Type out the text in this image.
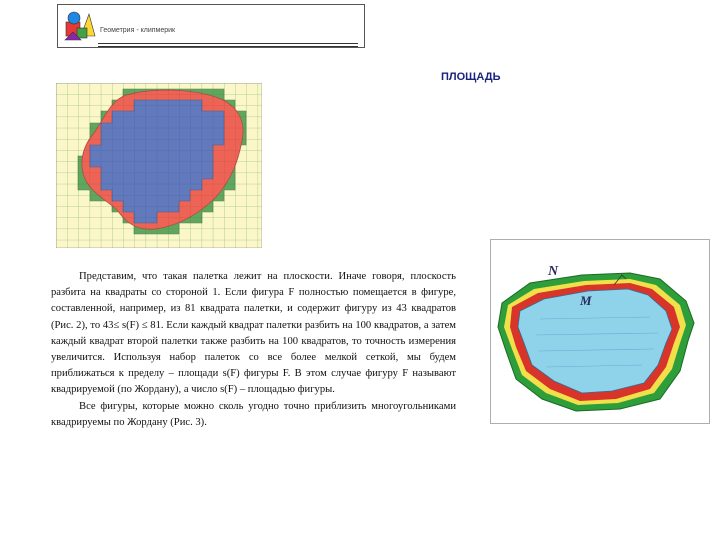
Геометрия - клипмерик
ПЛОЩАДЬ
N
M

Представим, что такая палетка лежит на плоскости. Иначе говоря, плоскость разбита на квадраты со стороной 1. Если фигура F полностью помещается в фигуре, составленной, например, из 81 квадрата палетки, и содержит фигуру из 43 квадратов (Рис. 2), то 43≤ s(F) ≤ 81. Если каждый квадрат палетки разбить на 100 квадратов, а затем каждый квадрат второй палетки также разбить на 100 квадратов, то точность измерения увеличится. Используя набор палеток со все более мелкой сеткой, мы будем приближаться к пределу – площади s(F) фигуры F. В этом случае фигуру F называют квадрируемой (по Жордану), а число s(F) – площадью фигуры.

Все фигуры, которые можно сколь угодно точно приблизить многоугольниками квадрируемы по Жордану (Рис. 3).
